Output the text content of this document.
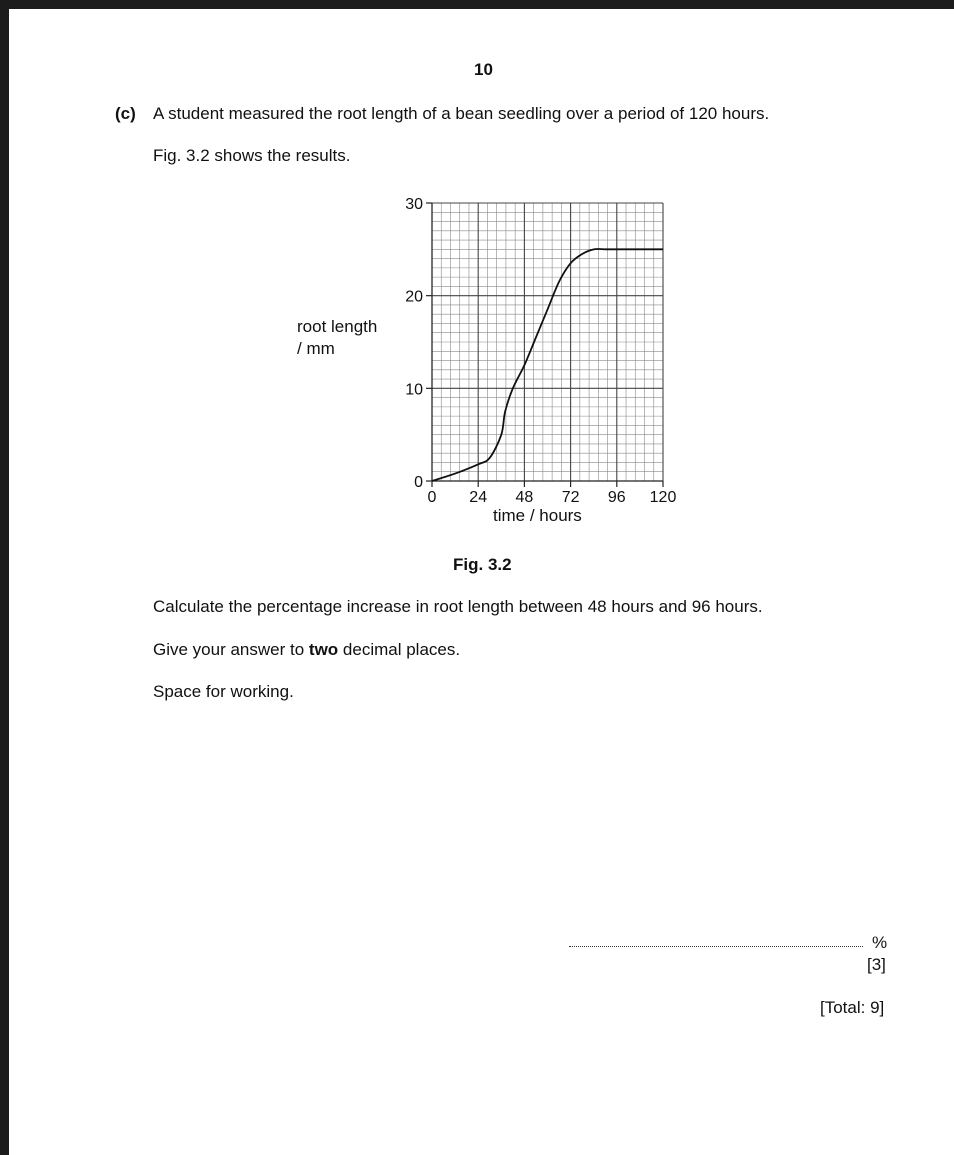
10
(c) A student measured the root length of a bean seedling over a period of 120 hours.
Fig. 3.2 shows the results.
0 24 48 72 96 120
0
10
20
30
root length
/ mm
time / hours
Fig. 3.2
Calculate the percentage increase in root length between 48 hours and 96 hours.
Give your answer to two decimal places.
Space for working.
%
[3]
[Total: 9]
